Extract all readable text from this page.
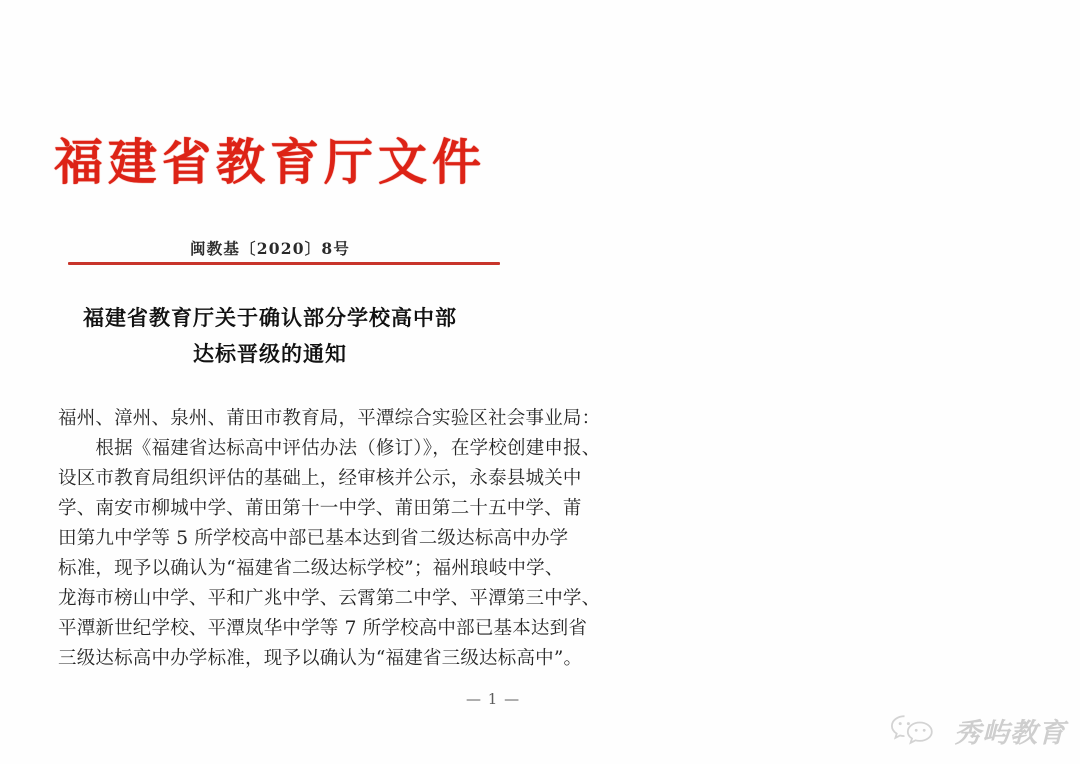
福建省教育厅文件
闽教基〔2020〕8号
福建省教育厅关于确认部分学校高中部
达标晋级的通知
福州、漳州、泉州、莆田市教育局，平潭综合实验区社会事业局：
　　根据《福建省达标高中评估办法（修订）》，在学校创建申报、
设区市教育局组织评估的基础上，经审核并公示，永泰县城关中
学、南安市柳城中学、莆田第十一中学、莆田第二十五中学、莆
田第九中学等 5 所学校高中部已基本达到省二级达标高中办学
标准，现予以确认为“福建省二级达标学校”；福州琅岐中学、
龙海市榜山中学、平和广兆中学、云霄第二中学、平潭第三中学、
平潭新世纪学校、平潭岚华中学等 7 所学校高中部已基本达到省
三级达标高中办学标准，现予以确认为“福建省三级达标高中”。
— 1 —
秀屿教育
